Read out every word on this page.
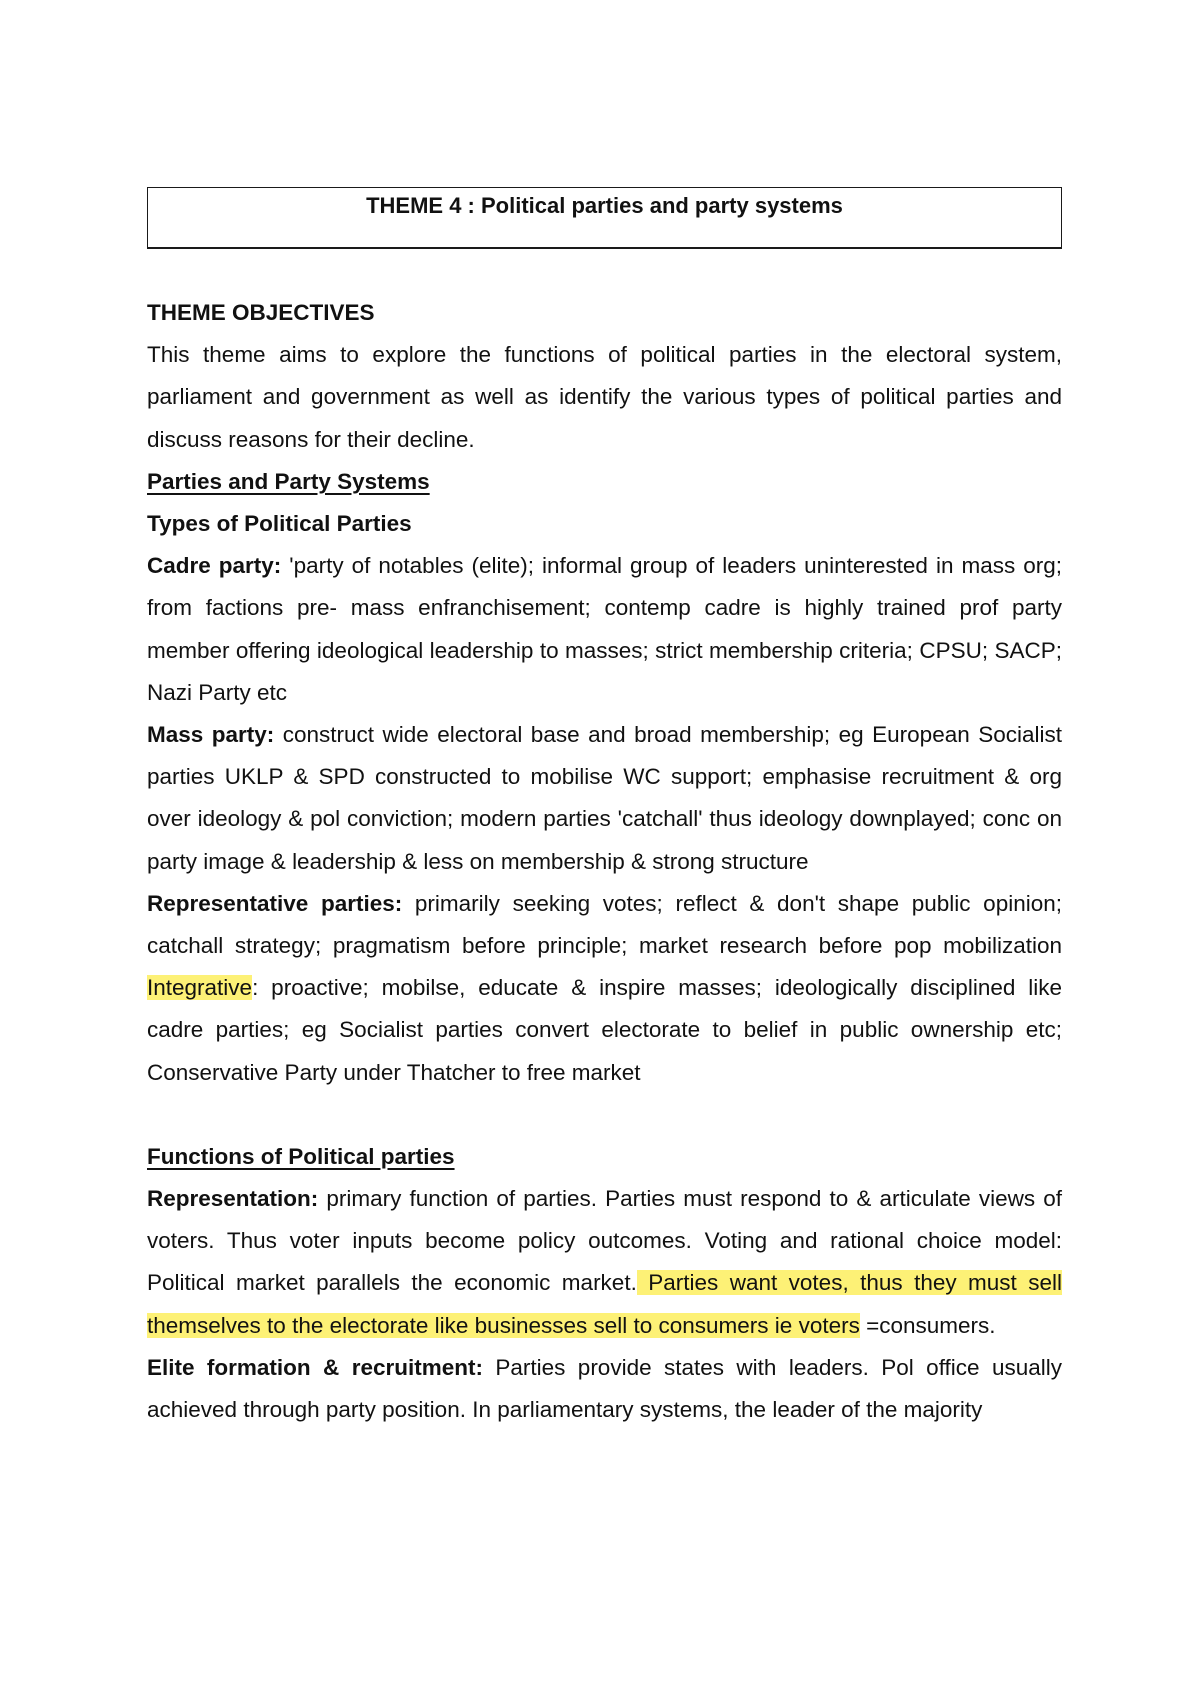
THEME 4 : Political parties and party systems
THEME OBJECTIVES

This theme aims to explore the functions of political parties in the electoral system, parliament and government as well as identify the various types of political parties and discuss reasons for their decline.

Parties and Party Systems
Types of Political Parties

Cadre party: 'party of notables (elite); informal group of leaders uninterested in mass org; from factions pre- mass enfranchisement; contemp cadre is highly trained prof party member offering ideological leadership to masses; strict membership criteria; CPSU; SACP; Nazi Party etc

Mass party: construct wide electoral base and broad membership; eg European Socialist parties UKLP & SPD constructed to mobilise WC support; emphasise recruitment & org over ideology & pol conviction; modern parties 'catchall' thus ideology downplayed; conc on party image & leadership & less on membership & strong structure

Representative parties: primarily seeking votes; reflect & don't shape public opinion; catchall strategy; pragmatism before principle; market research before pop mobilization Integrative: proactive; mobilse, educate & inspire masses; ideologically disciplined like cadre parties; eg Socialist parties convert electorate to belief in public ownership etc; Conservative Party under Thatcher to free market

Functions of Political parties

Representation: primary function of parties. Parties must respond to & articulate views of voters. Thus voter inputs become policy outcomes. Voting and rational choice model: Political market parallels the economic market. Parties want votes, thus they must sell themselves to the electorate like businesses sell to consumers ie voters =consumers.

Elite formation & recruitment: Parties provide states with leaders. Pol office usually achieved through party position. In parliamentary systems, the leader of the majority
